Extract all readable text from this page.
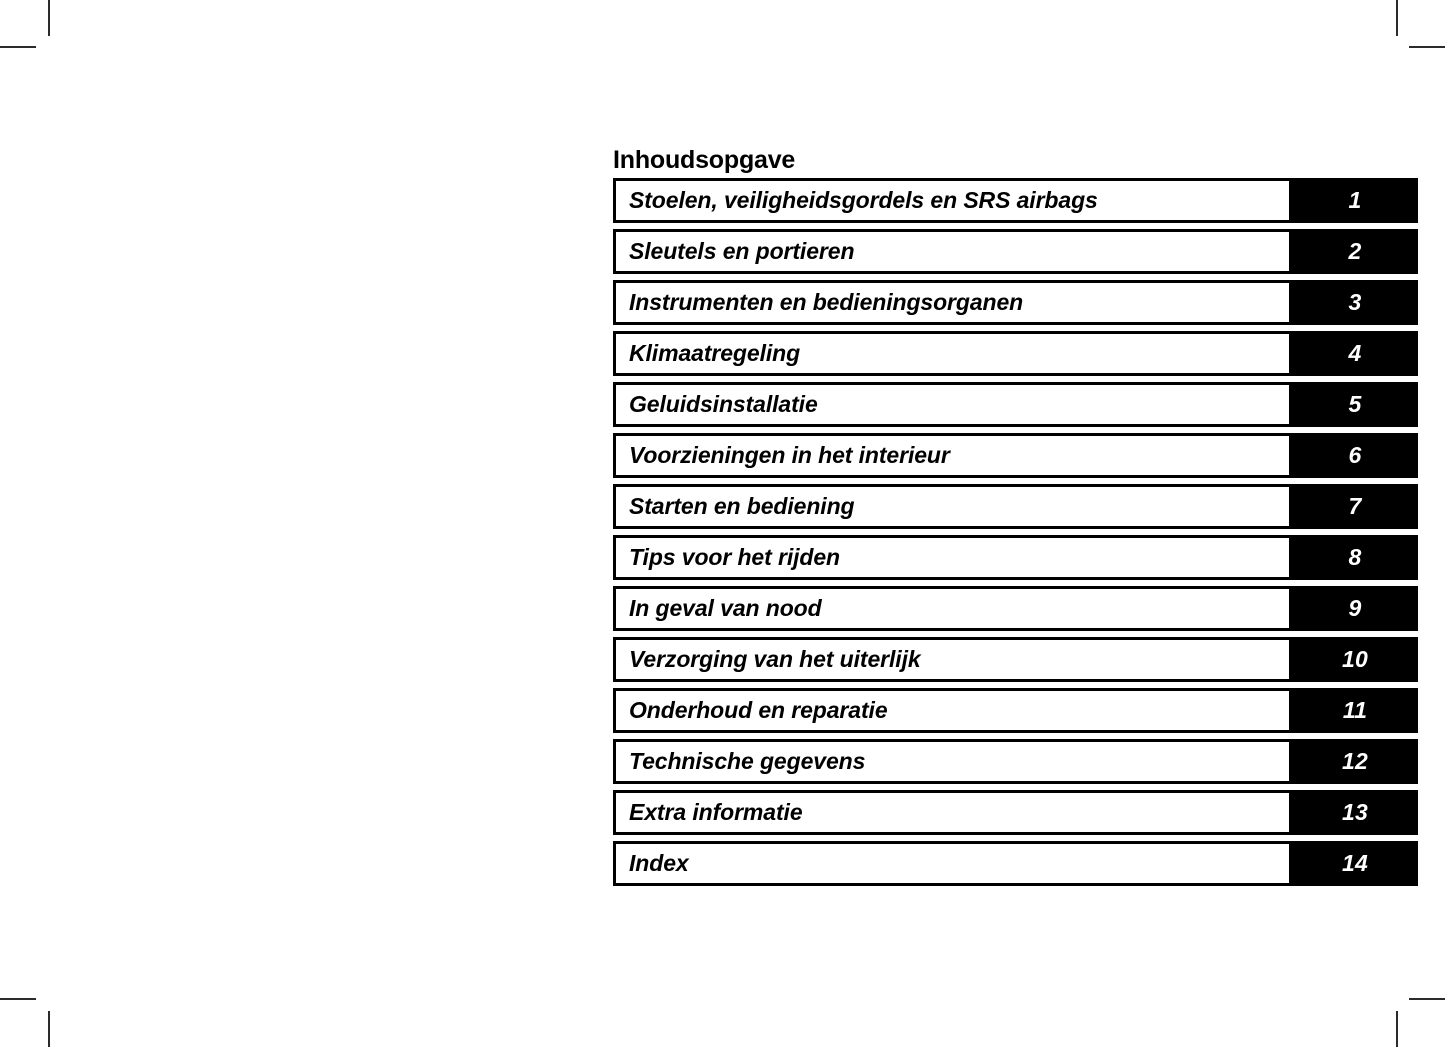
Inhoudsopgave
Stoelen, veiligheidsgordels en SRS airbags	1
Sleutels en portieren	2
Instrumenten en bedieningsorganen	3
Klimaatregeling	4
Geluidsinstallatie	5
Voorzieningen in het interieur	6
Starten en bediening	7
Tips voor het rijden	8
In geval van nood	9
Verzorging van het uiterlijk	10
Onderhoud en reparatie	11
Technische gegevens	12
Extra informatie	13
Index	14
